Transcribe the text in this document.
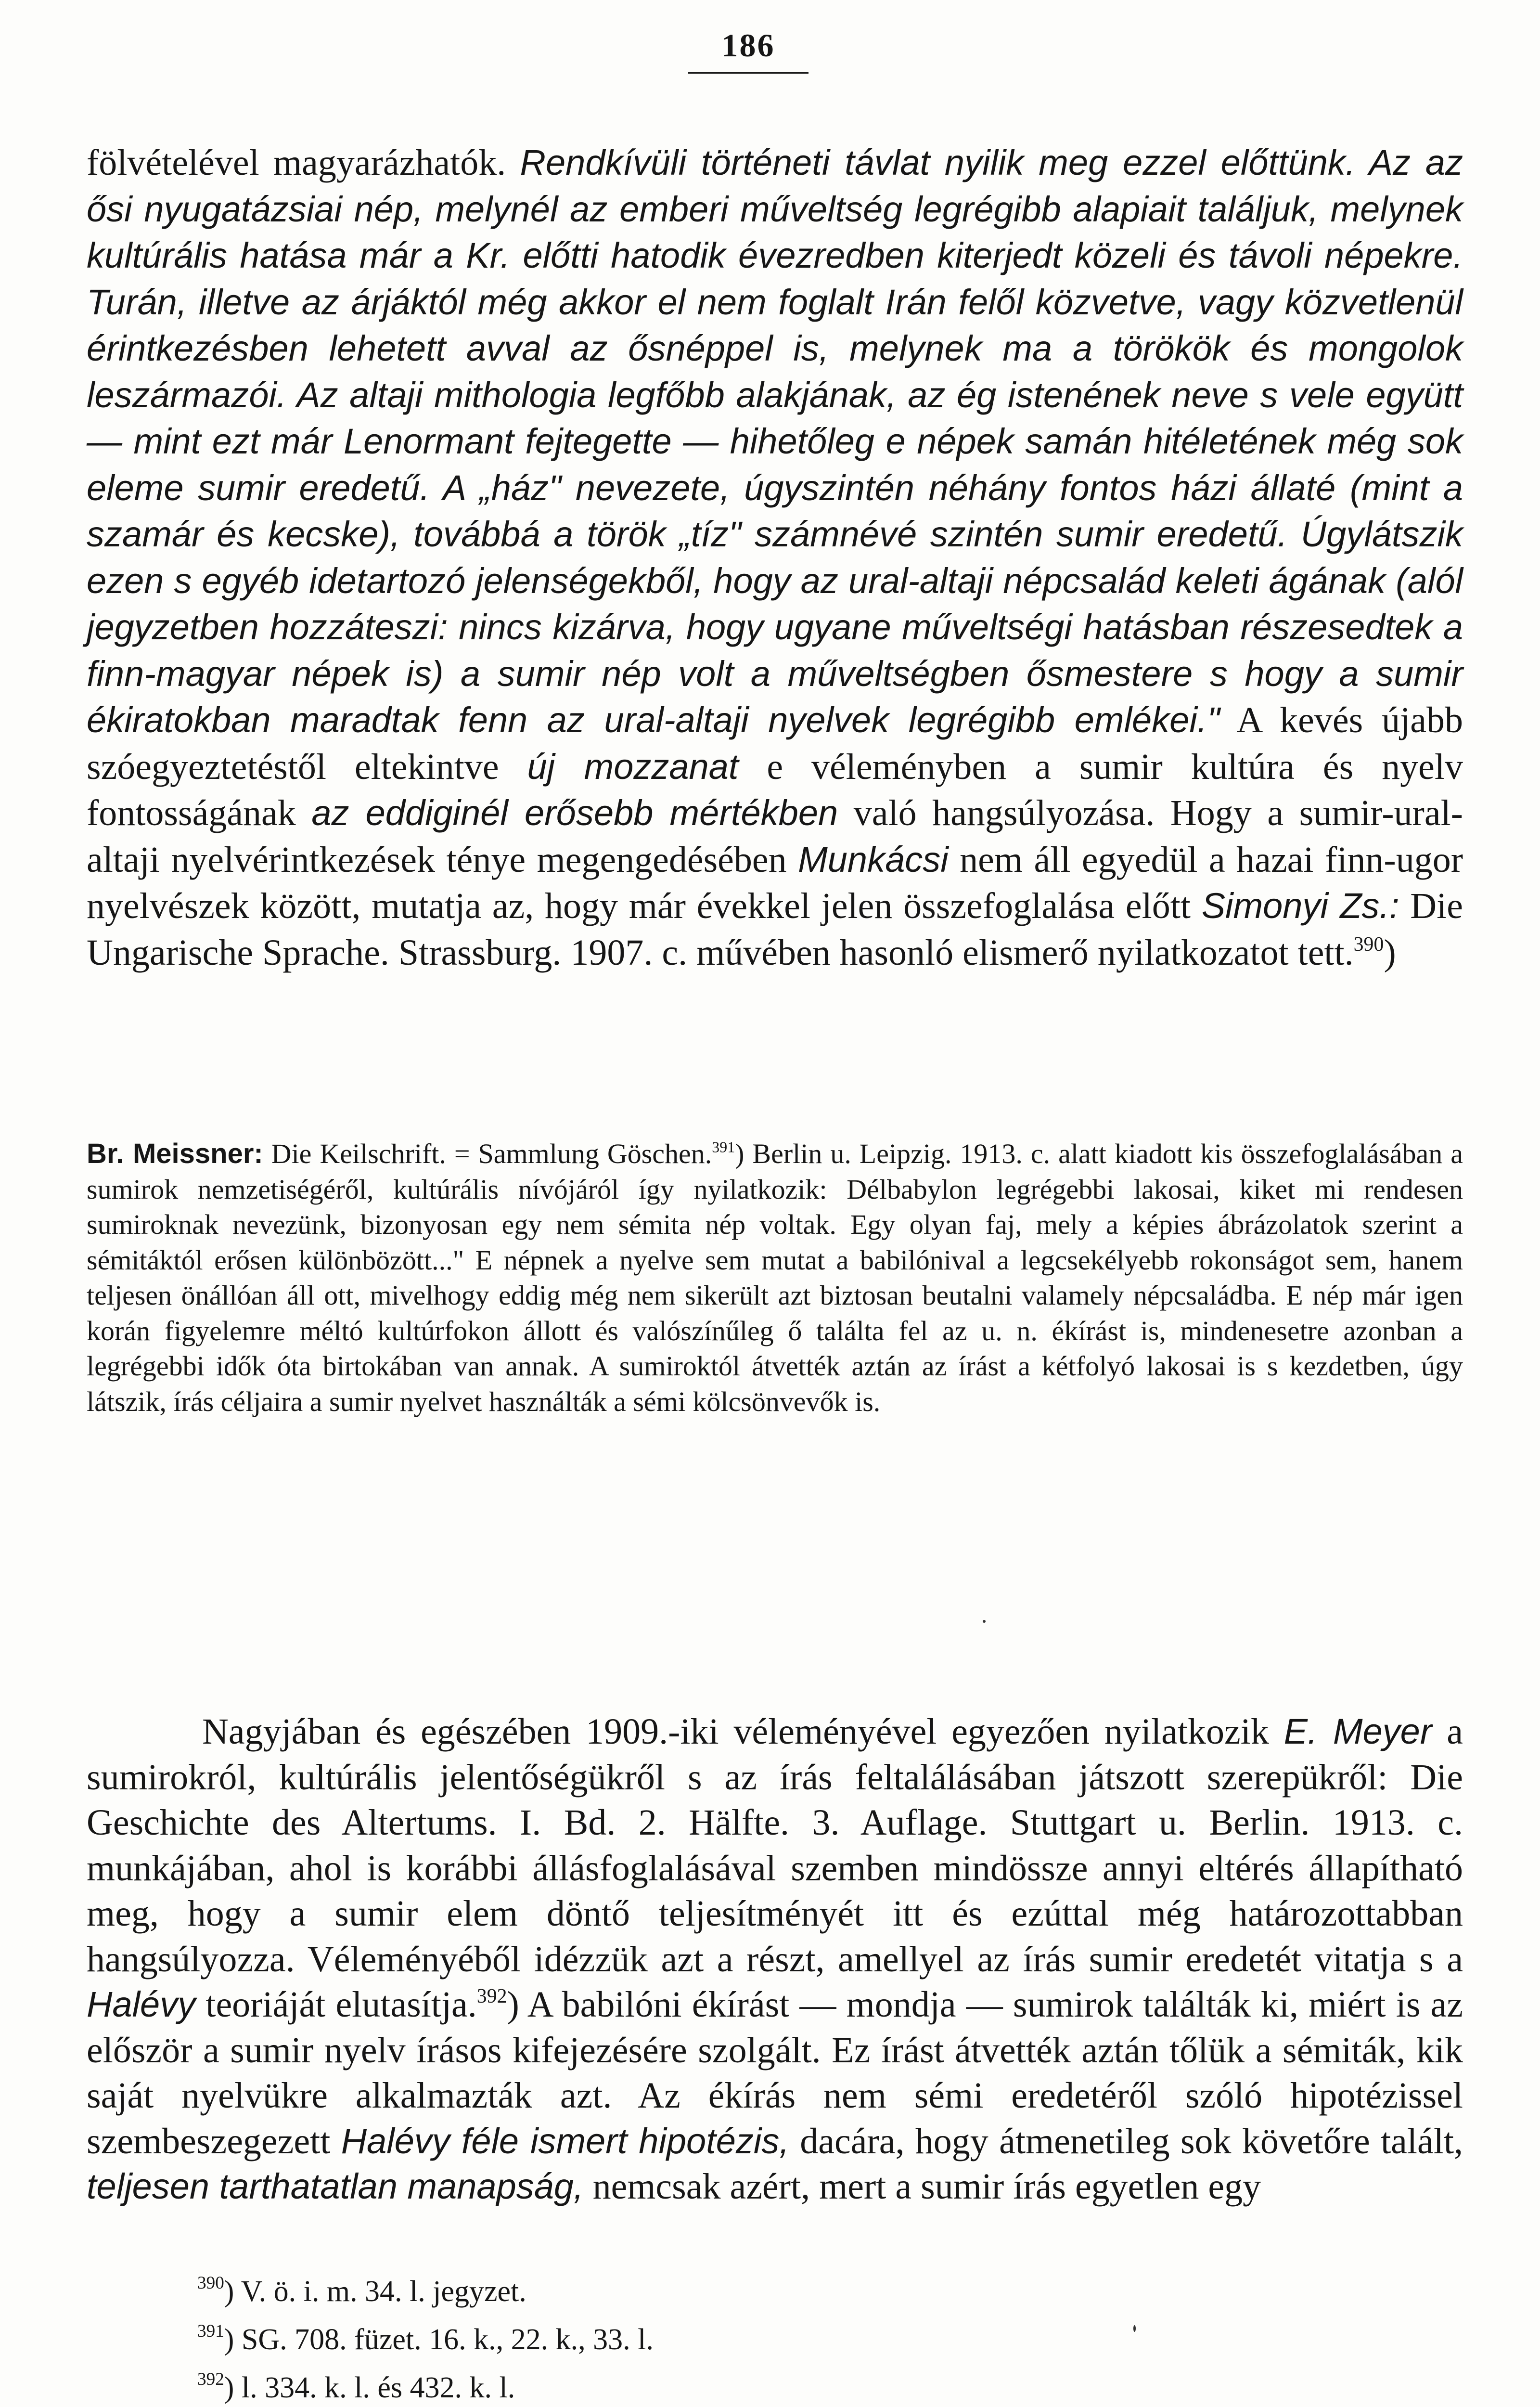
186
fölvételével magyarázhatók. Rendkívüli történeti távlat nyilik meg ezzel előttünk. Az az ősi nyugatázsiai nép, melynél az emberi műveltség legrégibb alapiait találjuk, melynek kultúrális hatása már a Kr. előtti hatodik évezredben kiterjedt közeli és távoli népekre. Turán, illetve az árjáktól még akkor el nem foglalt Irán felől közvetve, vagy közvetlenül érintkezésben lehetett avval az ősnéppel is, melynek ma a törökök és mongolok leszármazói. Az altaji mithologia legfőbb alakjának, az ég istenének neve s vele együtt — mint ezt már Lenormant fejtegette — hihetőleg e népek samán hitéletének még sok eleme sumir eredetű. A „ház" nevezete, úgyszintén néhány fontos házi állaté (mint a szamár és kecske), továbbá a török „tíz" számnévé szintén sumir eredetű. Úgylátszik ezen s egyéb idetartozó jelenségekből, hogy az ural-altaji népcsalád keleti ágának (alól jegyzetben hozzáteszi: nincs kizárva, hogy ugyane műveltségi hatásban részesedtek a finn-magyar népek is) a sumir nép volt a műveltségben ősmestere s hogy a sumir ékiratokban maradtak fenn az ural-altaji nyelvek legrégibb emlékei." A kevés újabb szóegyeztetéstől eltekintve új mozzanat e véleményben a sumir kultúra és nyelv fontosságának az eddiginél erősebb mértékben való hangsúlyozása. Hogy a sumir-ural-altaji nyelvérintkezések ténye megengedésében Munkácsi nem áll egyedül a hazai finn-ugor nyelvészek között, mutatja az, hogy már évekkel jelen összefoglalása előtt Simonyi Zs.: Die Ungarische Sprache. Strassburg. 1907. c. művében hasonló elismerő nyilatkozatot tett.$^{390}$)
Br. Meissner: Die Keilschrift. = Sammlung Göschen.$^{391}$) Berlin u. Leipzig. 1913. c. alatt kiadott kis összefoglalásában a sumirok nemzetiségéről, kultúrális nívójáról így nyilatkozik: Délbabylon legrégebbi lakosai, kiket mi rendesen sumiroknak nevezünk, bizonyosan egy nem sémita nép voltak. Egy olyan faj, mely a képies ábrázolatok szerint a sémitáktól erősen különbözött..." E népnek a nyelve sem mutat a babilónival a legcsekélyebb rokonságot sem, hanem teljesen önállóan áll ott, mivelhogy eddig még nem sikerült azt biztosan beutalni valamely népcsaládba. E nép már igen korán figyelemre méltó kultúrfokon állott és valószínűleg ő találta fel az u. n. ékírást is, mindenesetre azonban a legrégebbi idők óta birtokában van annak. A sumiroktól átvették aztán az írást a kétfolyó lakosai is s kezdetben, úgy látszik, írás céljaira a sumir nyelvet használták a sémi kölcsönvevők is.
Nagyjában és egészében 1909.-iki véleményével egyezően nyilatkozik E. Meyer a sumirokról, kultúrális jelentőségükről s az írás feltalálásában játszott szerepükről: Die Geschichte des Altertums. I. Bd. 2. Hälfte. 3. Auflage. Stuttgart u. Berlin. 1913. c. munkájában, ahol is korábbi állásfoglalásával szemben mindössze annyi eltérés állapítható meg, hogy a sumir elem döntő teljesítményét itt és ezúttal még határozottabban hangsúlyozza. Véleményéből idézzük azt a részt, amellyel az írás sumir eredetét vitatja s a Halévy teoriáját elutasítja.$^{392}$) A babilóni ékírást — mondja — sumirok találták ki, miért is az először a sumir nyelv írásos kifejezésére szolgált. Ez írást átvették aztán tőlük a sémiták, kik saját nyelvükre alkalmazták azt. Az ékírás nem sémi eredetéről szóló hipotézissel szembeszegezett Halévy féle ismert hipotézis, dacára, hogy átmenetileg sok követőre talált, teljesen tarthatatlan manapság, nemcsak azért, mert a sumir írás egyetlen egy
$^{390}$) V. ö. i. m. 34. l. jegyzet.
$^{391}$) SG. 708. füzet. 16. k., 22. k., 33. l.
$^{392}$) l. 334. k. l. és 432. k. l.
